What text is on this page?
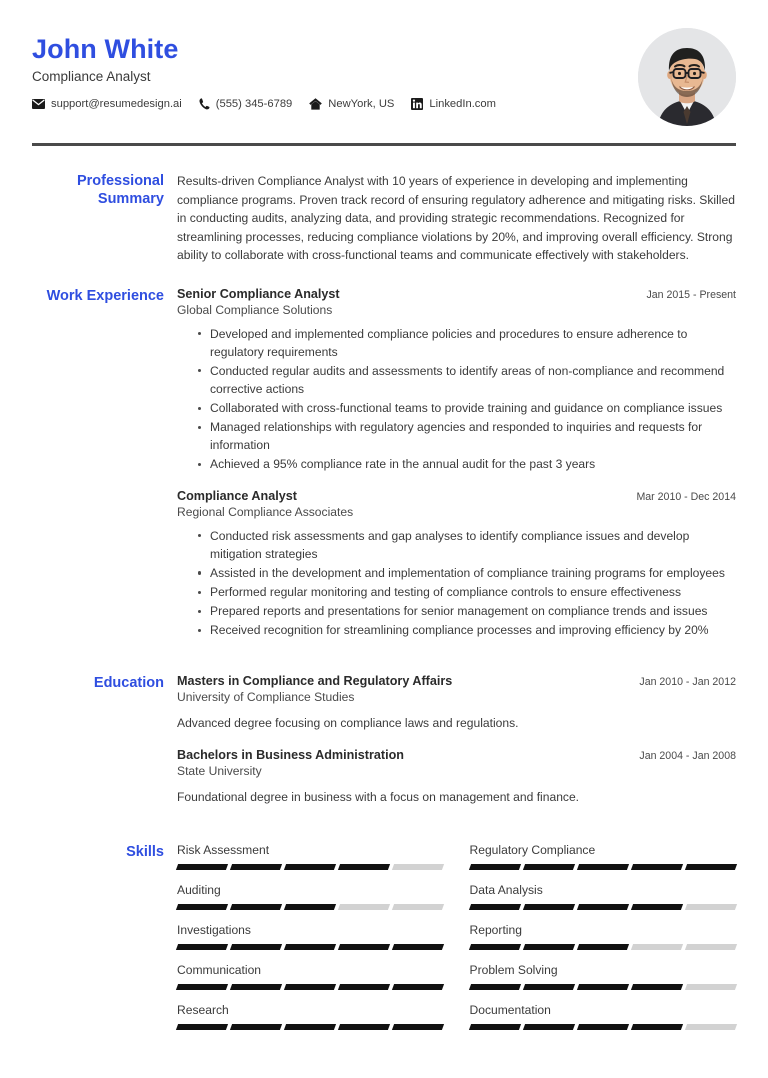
John White
Compliance Analyst
support@resumedesign.ai	(555) 345-6789	NewYork, US	LinkedIn.com
Professional Summary
Results-driven Compliance Analyst with 10 years of experience in developing and implementing compliance programs. Proven track record of ensuring regulatory adherence and mitigating risks. Skilled in conducting audits, analyzing data, and providing strategic recommendations. Recognized for streamlining processes, reducing compliance violations by 20%, and improving overall efficiency. Strong ability to collaborate with cross-functional teams and communicate effectively with stakeholders.
Work Experience	Senior Compliance Analyst	Jan 2015 - Present
Global Compliance Solutions
Developed and implemented compliance policies and procedures to ensure adherence to regulatory requirements
Conducted regular audits and assessments to identify areas of non-compliance and recommend corrective actions
Collaborated with cross-functional teams to provide training and guidance on compliance issues
Managed relationships with regulatory agencies and responded to inquiries and requests for information
Achieved a 95% compliance rate in the annual audit for the past 3 years
Compliance Analyst	Mar 2010 - Dec 2014
Regional Compliance Associates
Conducted risk assessments and gap analyses to identify compliance issues and develop mitigation strategies
Assisted in the development and implementation of compliance training programs for employees
Performed regular monitoring and testing of compliance controls to ensure effectiveness
Prepared reports and presentations for senior management on compliance trends and issues
Received recognition for streamlining compliance processes and improving efficiency by 20%
Education	Masters in Compliance and Regulatory Affairs	Jan 2010 - Jan 2012
University of Compliance Studies
Advanced degree focusing on compliance laws and regulations.
Bachelors in Business Administration	Jan 2004 - Jan 2008
State University
Foundational degree in business with a focus on management and finance.
Skills	Risk Assessment	Regulatory Compliance
Auditing	Data Analysis
Investigations	Reporting
Communication	Problem Solving
Research	Documentation
